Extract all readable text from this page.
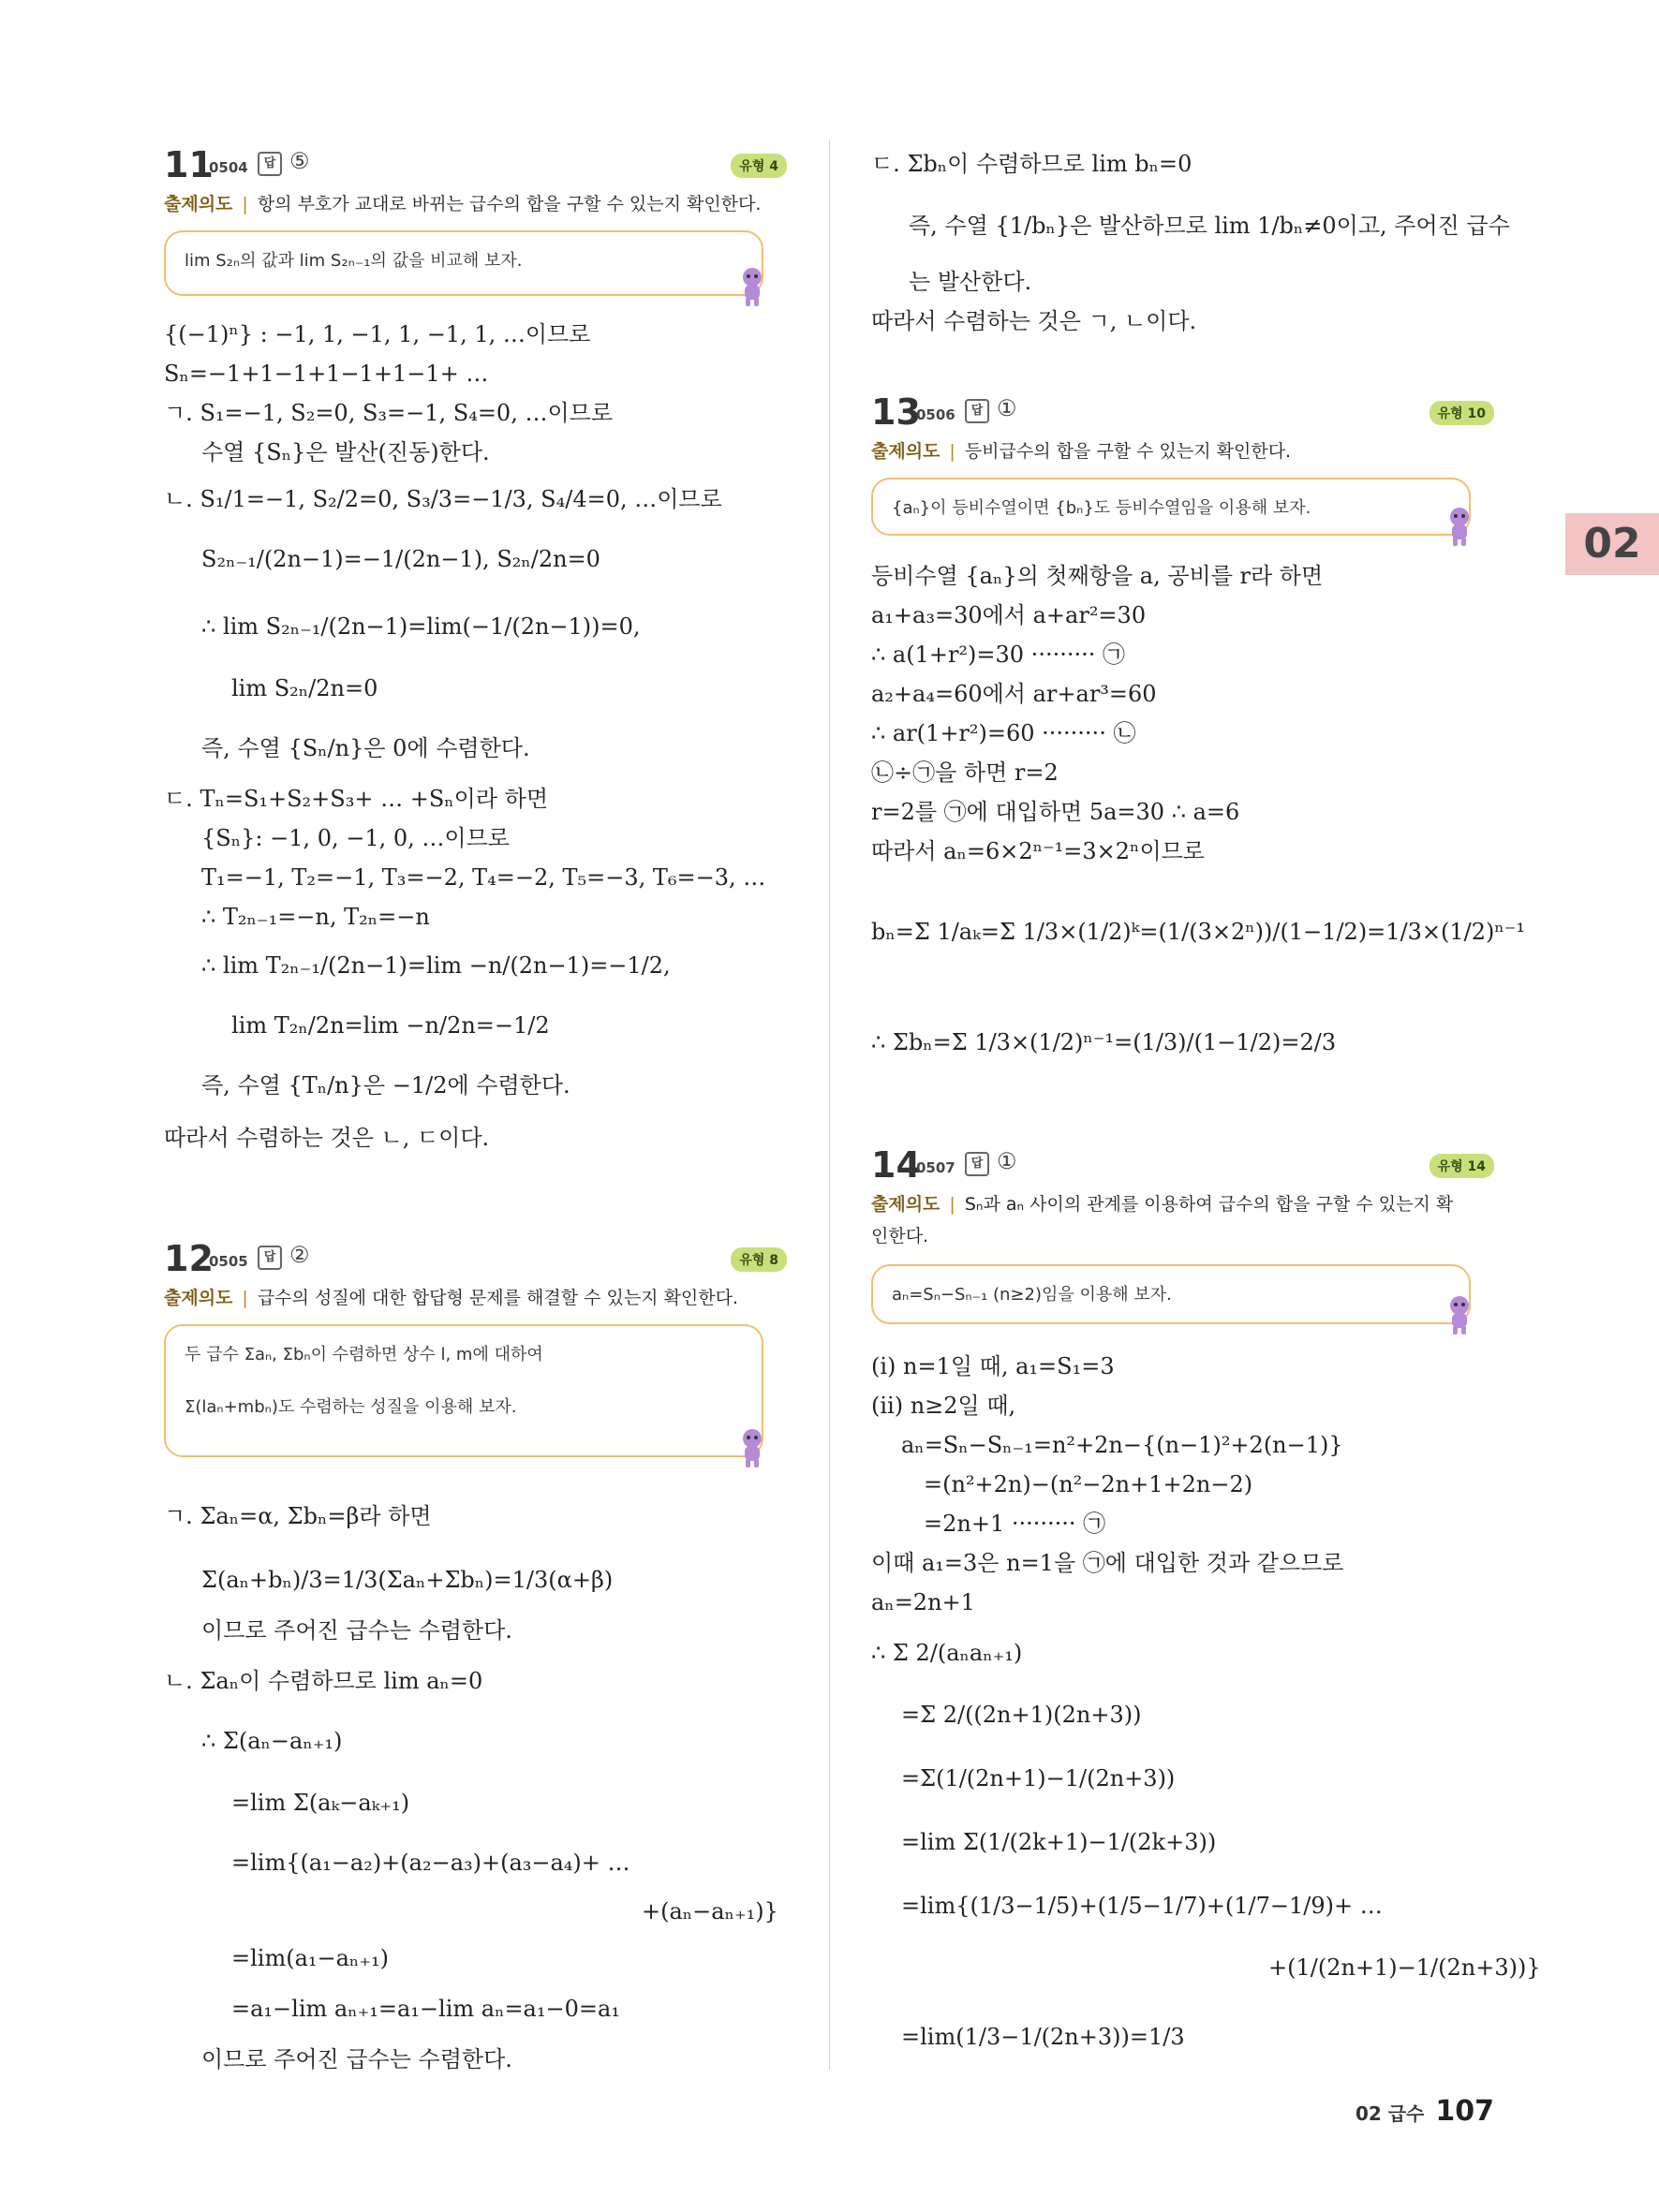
02
11
0504	답 ⑤	유형 4
출제의도 | 항의 부호가 교대로 바뀌는 급수의 합을 구할 수 있는지 확인한다.
lim S₂ₙ의 값과 lim S₂ₙ₋₁의 값을 비교해 보자.
{(−1)ⁿ} : −1, 1, −1, 1, −1, 1, …이므로
Sₙ=−1+1−1+1−1+1−1+ …
ㄱ. S₁=−1, S₂=0, S₃=−1, S₄=0, …이므로
수열 {Sₙ}은 발산(진동)한다.
ㄴ. S₁/1=−1, S₂/2=0, S₃/3=−1/3, S₄/4=0, …이므로
S₂ₙ₋₁/(2n−1)=−1/(2n−1), S₂ₙ/2n=0
∴ lim S₂ₙ₋₁/(2n−1)=lim(−1/(2n−1))=0,
lim S₂ₙ/2n=0
즉, 수열 {Sₙ/n}은 0에 수렴한다.
ㄷ. Tₙ=S₁+S₂+S₃+ … +Sₙ이라 하면
{Sₙ}: −1, 0, −1, 0, …이므로
T₁=−1, T₂=−1, T₃=−2, T₄=−2, T₅=−3, T₆=−3, …
∴ T₂ₙ₋₁=−n, T₂ₙ=−n
∴ lim T₂ₙ₋₁/(2n−1)=lim −n/(2n−1)=−1/2,
lim T₂ₙ/2n=lim −n/2n=−1/2
즉, 수열 {Tₙ/n}은 −1/2에 수렴한다.
따라서 수렴하는 것은 ㄴ, ㄷ이다.
12
0505	답 ②	유형 8
출제의도 | 급수의 성질에 대한 합답형 문제를 해결할 수 있는지 확인한다.
두 급수 Σaₙ, Σbₙ이 수렴하면 상수 l, m에 대하여
Σ(laₙ+mbₙ)도 수렴하는 성질을 이용해 보자.
ㄱ. Σaₙ=α, Σbₙ=β라 하면
Σ(aₙ+bₙ)/3=1/3(Σaₙ+Σbₙ)=1/3(α+β)
이므로 주어진 급수는 수렴한다.
ㄴ. Σaₙ이 수렴하므로 lim aₙ=0
∴ Σ(aₙ−aₙ₊₁)
=lim Σ(aₖ−aₖ₊₁)
=lim{(a₁−a₂)+(a₂−a₃)+(a₃−a₄)+ …
+(aₙ−aₙ₊₁)}
=lim(a₁−aₙ₊₁)
=a₁−lim aₙ₊₁=a₁−lim aₙ=a₁−0=a₁
이므로 주어진 급수는 수렴한다.
ㄷ. Σbₙ이 수렴하므로 lim bₙ=0
즉, 수열 {1/bₙ}은 발산하므로 lim 1/bₙ≠0이고, 주어진 급수
는 발산한다.
따라서 수렴하는 것은 ㄱ, ㄴ이다.
13
0506	답 ①	유형 10
출제의도 | 등비급수의 합을 구할 수 있는지 확인한다.
{aₙ}이 등비수열이면 {bₙ}도 등비수열임을 이용해 보자.
등비수열 {aₙ}의 첫째항을 a, 공비를 r라 하면
a₁+a₃=30에서 a+ar²=30
∴ a(1+r²)=30 ········· ㉠
a₂+a₄=60에서 ar+ar³=60
∴ ar(1+r²)=60 ········· ㉡
㉡÷㉠을 하면 r=2
r=2를 ㉠에 대입하면 5a=30 ∴ a=6
따라서 aₙ=6×2ⁿ⁻¹=3×2ⁿ이므로
bₙ=Σ 1/aₖ=Σ 1/3×(1/2)ᵏ=(1/(3×2ⁿ))/(1−1/2)=1/3×(1/2)ⁿ⁻¹
∴ Σbₙ=Σ 1/3×(1/2)ⁿ⁻¹=(1/3)/(1−1/2)=2/3
14
0507	답 ①	유형 14
출제의도 | Sₙ과 aₙ 사이의 관계를 이용하여 급수의 합을 구할 수 있는지 확
인한다.
aₙ=Sₙ−Sₙ₋₁ (n≥2)임을 이용해 보자.
(ⅰ) n=1일 때, a₁=S₁=3
(ⅱ) n≥2일 때,
aₙ=Sₙ−Sₙ₋₁=n²+2n−{(n−1)²+2(n−1)}
=(n²+2n)−(n²−2n+1+2n−2)
=2n+1 ········· ㉠
이때 a₁=3은 n=1을 ㉠에 대입한 것과 같으므로
aₙ=2n+1
∴ Σ 2/(aₙaₙ₊₁)
=Σ 2/((2n+1)(2n+3))
=Σ(1/(2n+1)−1/(2n+3))
=lim Σ(1/(2k+1)−1/(2k+3))
=lim{(1/3−1/5)+(1/5−1/7)+(1/7−1/9)+ …
+(1/(2n+1)−1/(2n+3))}
=lim(1/3−1/(2n+3))=1/3
02 급수 107
